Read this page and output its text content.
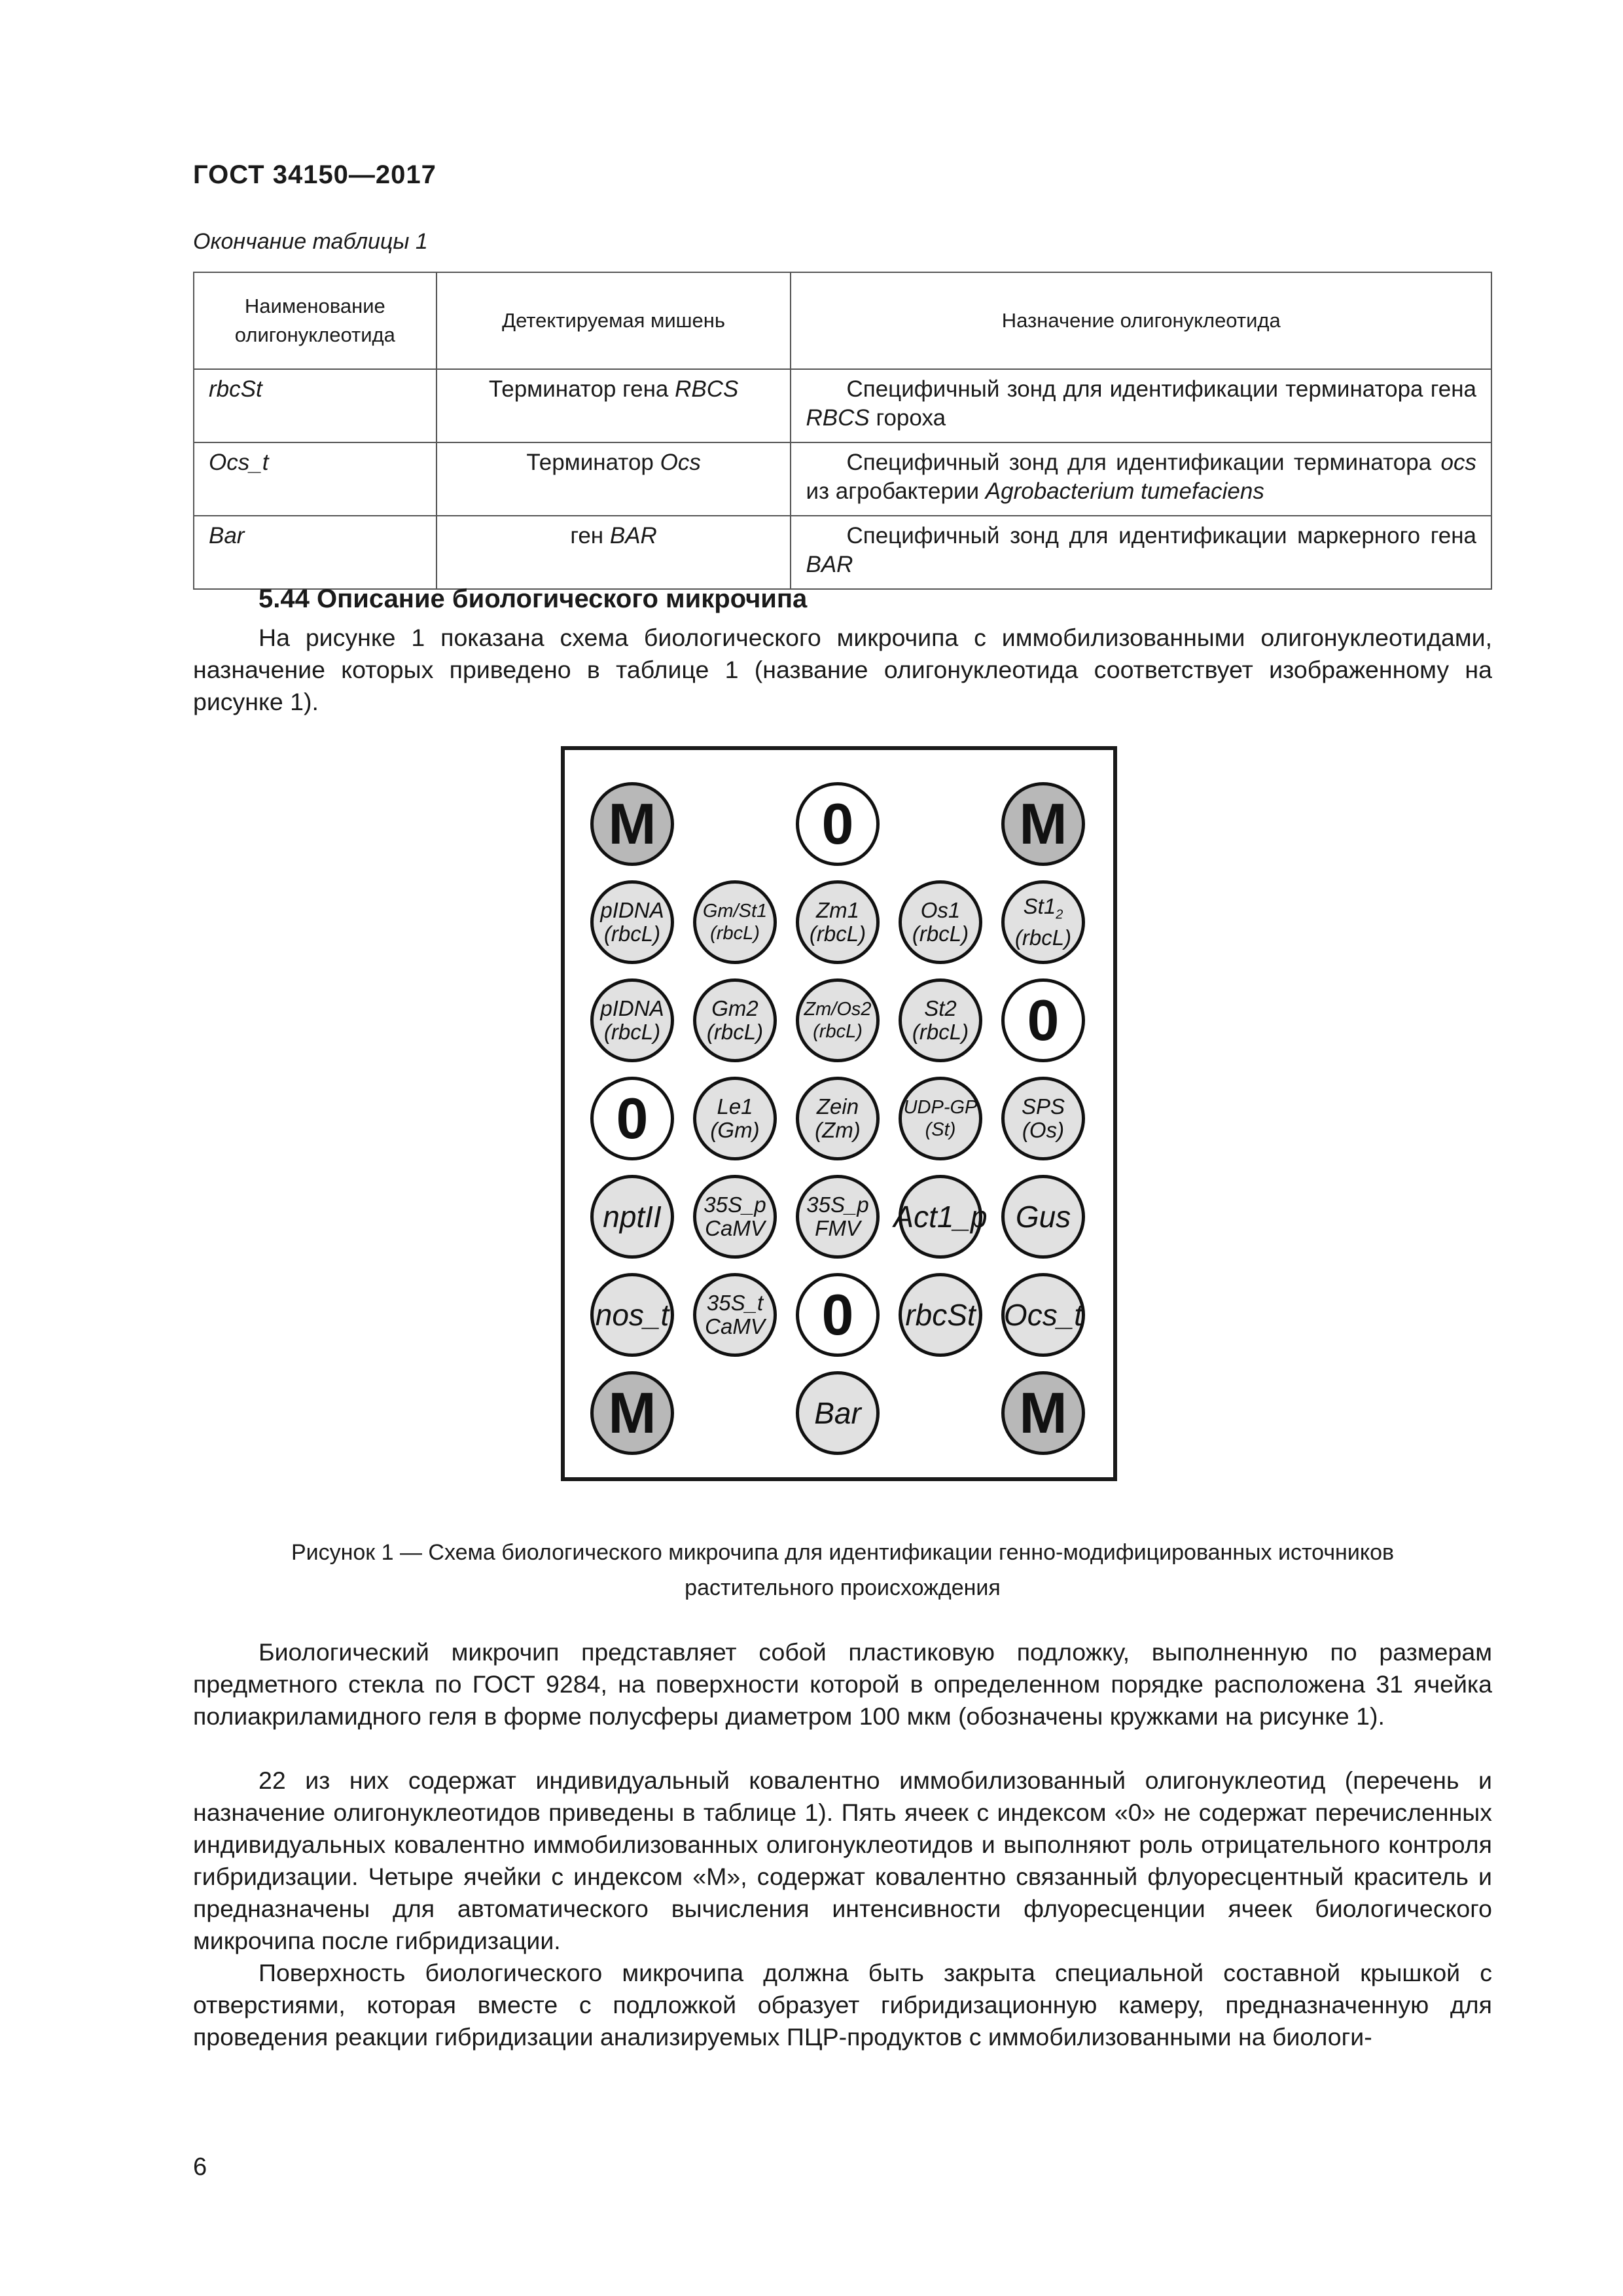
ГОСТ 34150—2017
Окончание таблицы 1
Наименование олигонуклеотида	Детектируемая мишень	Назначение олигонуклеотида
rbcSt	Терминатор гена RBCS	Специфичный зонд для идентификации терминатора гена RBCS гороха
Ocs_t	Терминатор Ocs	Специфичный зонд для идентификации терминатора ocs из агробактерии Agrobacterium tumefaciens
Bar	ген BAR	Специфичный зонд для идентификации маркерного гена BAR
5.44 Описание биологического микрочипа

На рисунке 1 показана схема биологического микрочипа с иммобилизованными олигонуклеотидами, назначение которых приведено в таблице 1 (название олигонуклеотида соответствует изображенному на рисунке 1).

M	0	M
pIDNA
(rbcL)
Gm/St1
(rbcL)
Zm1
(rbcL)
Os1
(rbcL)
$St1_2$
(rbcL)
pIDNA
(rbcL)
Gm2
(rbcL)
Zm/Os2
(rbcL)
St2
(rbcL) 0
0	Le1
(Gm)
Zein
(Zm)
UDP-GP
(St)
SPS
(Os)
nptII 35S_p
CaMV
35S_p
FMV Act1_p Gus
nos_t 35S_t
CaMV 0 rbcSt Ocs_t
M	Bar	M
Рисунок 1 — Схема биологического микрочипа для идентификации генно-модифицированных источников
растительного происхождения

Биологический микрочип представляет собой пластиковую подложку, выполненную по размерам предметного стекла по ГОСТ 9284, на поверхности которой в определенном порядке расположена 31 ячейка полиакриламидного геля в форме полусферы диаметром 100 мкм (обозначены кружками на рисунке 1).

22 из них содержат индивидуальный ковалентно иммобилизованный олигонуклеотид (перечень и назначение олигонуклеотидов приведены в таблице 1). Пять ячеек с индексом «0» не содержат перечисленных индивидуальных ковалентно иммобилизованных олигонуклеотидов и выполняют роль отрицательного контроля гибридизации. Четыре ячейки с индексом «М», содержат ковалентно связанный флуоресцентный краситель и предназначены для автоматического вычисления интенсивности флуоресценции ячеек биологического микрочипа после гибридизации.

Поверхность биологического микрочипа должна быть закрыта специальной составной крышкой с отверстиями, которая вместе с подложкой образует гибридизационную камеру, предназначенную для проведения реакции гибридизации анализируемых ПЦР-продуктов с иммобилизованными на биологи-

6
